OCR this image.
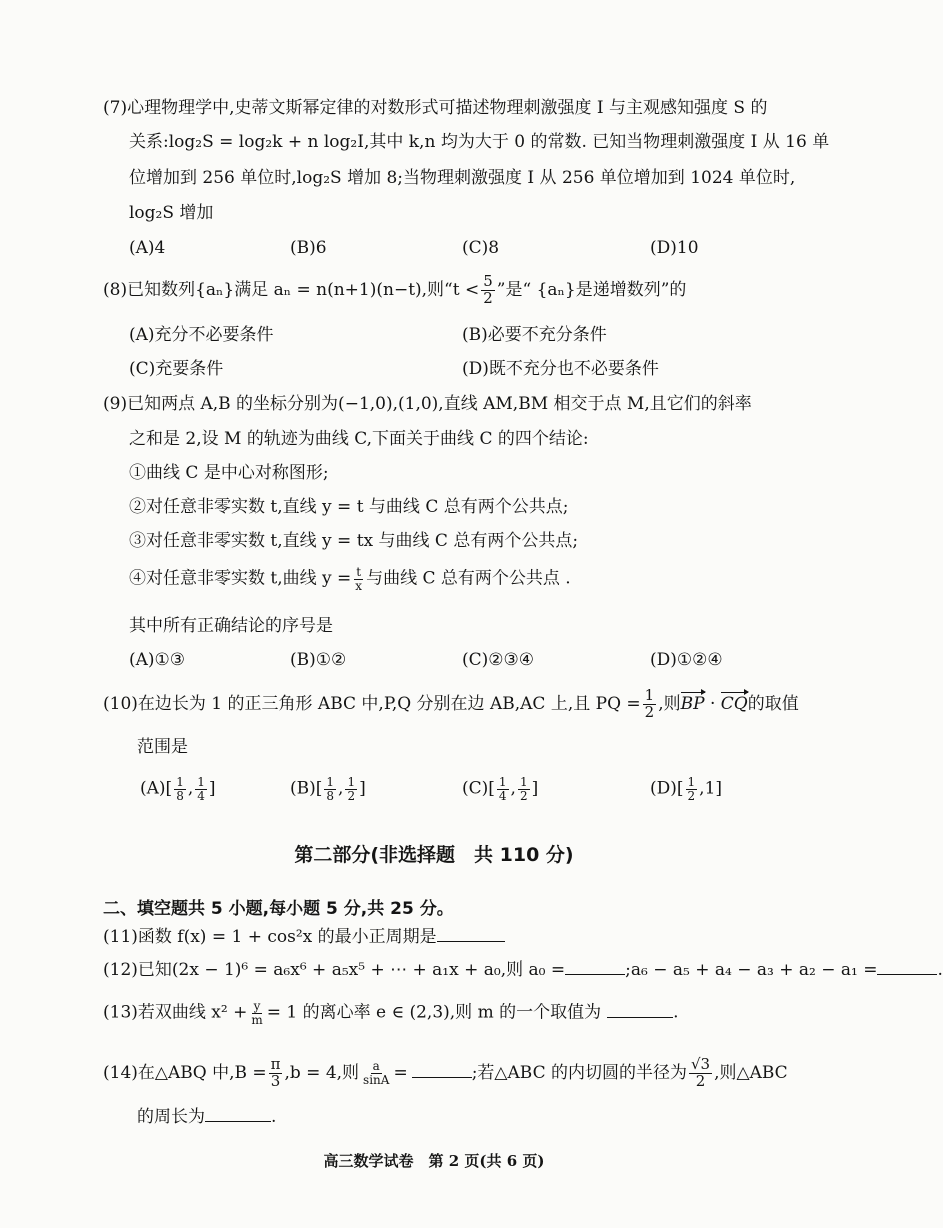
(7)心理物理学中,史蒂文斯幂定律的对数形式可描述物理刺激强度 I 与主观感知强度 S 的
关系:log₂S = log₂k + n log₂I,其中 k,n 均为大于 0 的常数. 已知当物理刺激强度 I 从 16 单
位增加到 256 单位时,log₂S 增加 8;当物理刺激强度 I 从 256 单位增加到 1024 单位时,
log₂S 增加
(A)4	(B)6	(C)8	(D)10
(8)已知数列{aₙ}满足 aₙ = n(n+1)(n−t),则“$t < \frac{5}{2}$ ”是“ {aₙ}是递增数列”的
(A)充分不必要条件	(B)必要不充分条件
(C)充要条件	(D)既不充分也不必要条件
(9)已知两点 A,B 的坐标分别为(−1,0),(1,0),直线 AM,BM 相交于点 M,且它们的斜率
之和是 2,设 M 的轨迹为曲线 C,下面关于曲线 C 的四个结论:
①曲线 C 是中心对称图形;
②对任意非零实数 t,直线 y = t 与曲线 C 总有两个公共点;
③对任意非零实数 t,直线 y = tx 与曲线 C 总有两个公共点;
④对任意非零实数 t,曲线 $y = \frac{t}{x}$ 与曲线 C 总有两个公共点 .
其中所有正确结论的序号是
(A)①③	(B)①②	(C)②③④	(D)①②④
(10)在边长为 1 的正三角形 ABC 中,P,Q 分别在边 AB,AC 上,且 PQ = $\frac{1}{2}$ ,则BP · CQ的取值
范围是
$(A)[ \frac{1}{8}$ , $\frac{1}{4}$ ]	$(B)[ \frac{1}{8}$ , $\frac{1}{2}$ ]	$(C)[ \frac{1}{4}$ , $\frac{1}{2}$ ]	$(D)[ \frac{1}{2} ,1]$
第二部分(非选择题　共 110 分)
二、填空题共 5 小题,每小题 5 分,共 25 分。
(11)函数 f(x) = 1 + cos²x 的最小正周期是
(12)已知(2x − 1)⁶ = a₆x⁶ + a₅x⁵ + ⋯ + a₁x + a₀,则 a₀ =	;a₆ − a₅ + a₄ − a₃ + a₂ − a₁ =	.
(13)若双曲线 $x^2 + \frac{y}{m} = 1$ 的离心率 e ∈ (2,3),则 m 的一个取值为	.
(14)在△ABQ 中$,B = \frac{\pi}{3} ,b = 4$,则 $\frac{a}{\sin A}$ =	;若△ABC 的内切圆的半径为 $\frac{√3}{2}$ ,则△ABC
的周长为	.
高三数学试卷　第 2 页(共 6 页)
